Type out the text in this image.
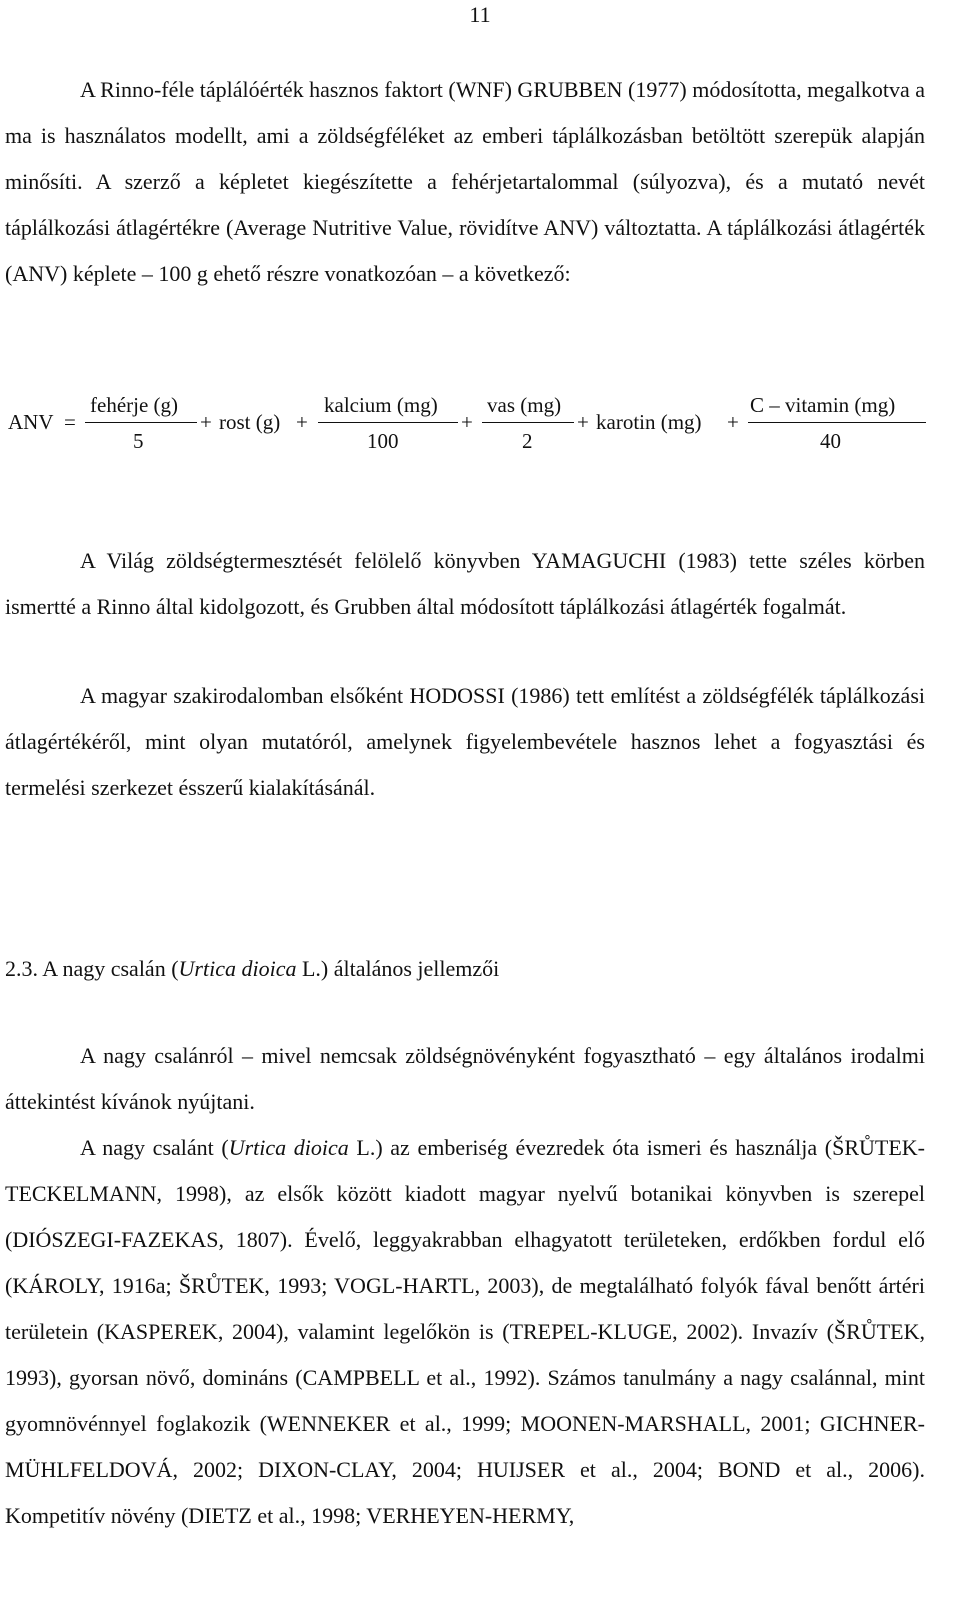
11

A Rinno-féle táplálóérték hasznos faktort (WNF) GRUBBEN (1977) módosította, megalkotva a ma is használatos modellt, ami a zöldségféléket az emberi táplálkozásban betöltött szerepük alapján minősíti. A szerző a képletet kiegészítette a fehérjetartalommal (súlyozva), és a mutató nevét táplálkozási átlagértékre (Average Nutritive Value, rövidítve ANV) változtatta. A táplálkozási átlagérték (ANV) képlete – 100 g ehető részre vonatkozóan – a következő:

ANV =
fehérje (g)
5
+ rost (g) +
kalcium (mg)
100
+
vas (mg)
2
+ karotin (mg) +
C – vitamin (mg)
40

A Világ zöldségtermesztését felölelő könyvben YAMAGUCHI (1983) tette széles körben ismertté a Rinno által kidolgozott, és Grubben által módosított táplálkozási átlagérték fogalmát.

A magyar szakirodalomban elsőként HODOSSI (1986) tett említést a zöldségfélék táplálkozási átlagértékéről, mint olyan mutatóról, amelynek figyelembevétele hasznos lehet a fogyasztási és termelési szerkezet ésszerű kialakításánál.

2.3. A nagy csalán (Urtica dioica L.) általános jellemzői

A nagy csalánról – mivel nemcsak zöldségnövényként fogyasztható – egy általános irodalmi áttekintést kívánok nyújtani.

A nagy csalánt (Urtica dioica L.) az emberiség évezredek óta ismeri és használja (ŠRŮTEK-TECKELMANN, 1998), az elsők között kiadott magyar nyelvű botanikai könyvben is szerepel (DIÓSZEGI-FAZEKAS, 1807). Évelő, leggyakrabban elhagyatott területeken, erdőkben fordul elő (KÁROLY, 1916a; ŠRŮTEK, 1993; VOGL-HARTL, 2003), de megtalálható folyók fával benőtt ártéri területein (KASPEREK, 2004), valamint legelőkön is (TREPEL-KLUGE, 2002). Invazív (ŠRŮTEK, 1993), gyorsan növő, domináns (CAMPBELL et al., 1992). Számos tanulmány a nagy csalánnal, mint gyomnövénnyel foglakozik (WENNEKER et al., 1999; MOONEN-MARSHALL, 2001; GICHNER-MÜHLFELDOVÁ, 2002; DIXON-CLAY, 2004; HUIJSER et al., 2004; BOND et al., 2006). Kompetitív növény (DIETZ et al., 1998; VERHEYEN-HERMY,
